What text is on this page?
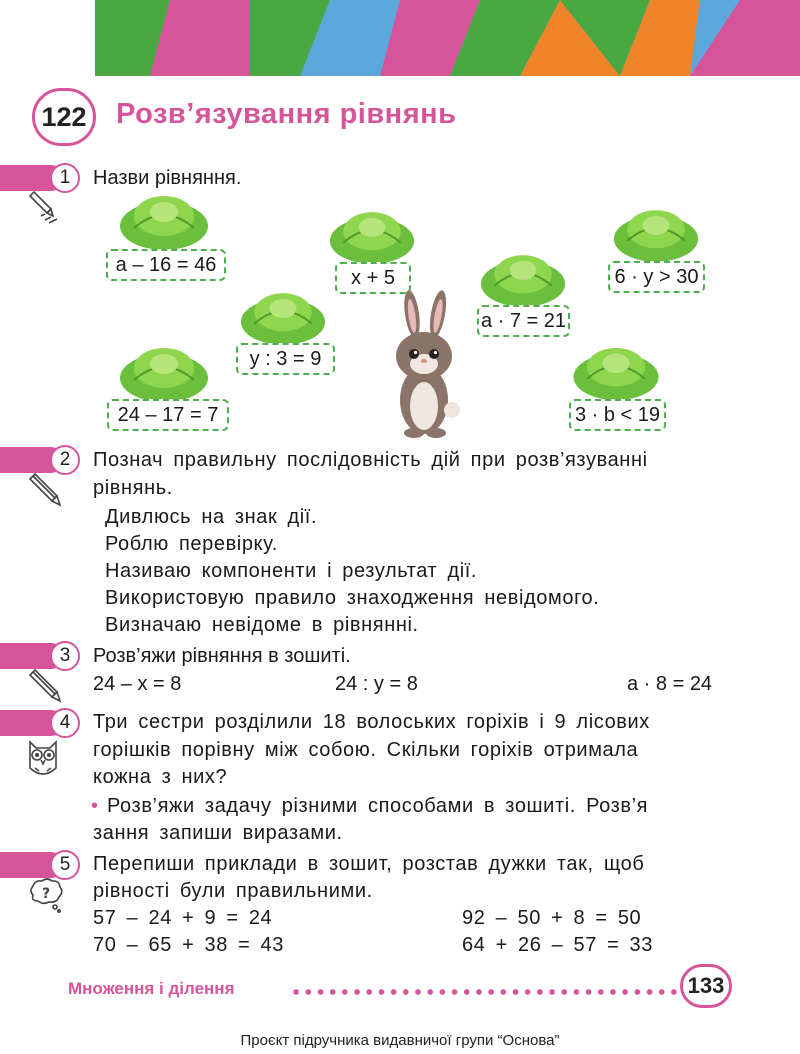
122	Розв’язування рівнянь
1	Назви рівняння.
a – 16 = 46
x + 5	6 · y > 30
a · 7 = 21
y : 3 = 9
24 – 17 = 7	3 · b < 19
2	Познач правильну послідовність дій при розв’язуванні
рівнянь.
Дивлюсь на знак дії.
Роблю перевірку.
Називаю компоненти і результат дії.
Використовую правило знаходження невідомого.
Визначаю невідоме в рівнянні.
3	Розв’яжи рівняння в зошиті.
24 – x = 8	24 : y = 8	a · 8 = 24
4	Три сестри розділили 18 волоських горіхів і 9 лісових
горішків порівну між собою. Скільки горіхів отримала
кожна з них?
• Розв’яжи задачу різними способами в зошиті. Розв’я
зання запиши виразами.
5	Перепиши приклади в зошит, розстав дужки так, щоб
рівності були правильними.
?
57 – 24 + 9 = 24	92 – 50 + 8 = 50
70 – 65 + 38 = 43	64 + 26 – 57 = 33
Множення і ділення	133
Проєкт підручника видавничої групи “Основа”
